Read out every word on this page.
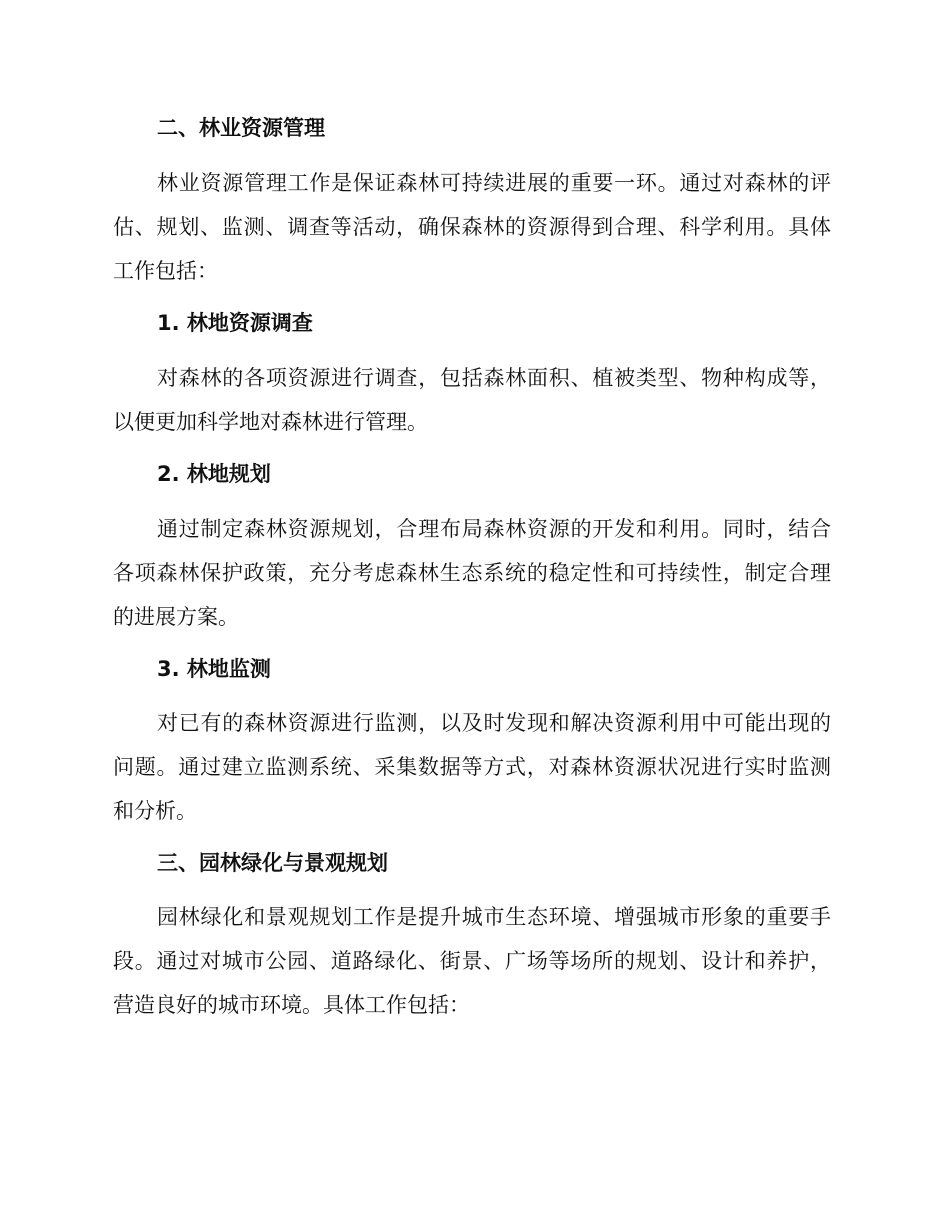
二、林业资源管理
林业资源管理工作是保证森林可持续进展的重要一环。通过对森林的评
估、规划、监测、调查等活动，确保森林的资源得到合理、科学利用。具体
工作包括：
1. 林地资源调查
对森林的各项资源进行调查，包括森林面积、植被类型、物种构成等，
以便更加科学地对森林进行管理。
2. 林地规划
通过制定森林资源规划，合理布局森林资源的开发和利用。同时，结合
各项森林保护政策，充分考虑森林生态系统的稳定性和可持续性，制定合理
的进展方案。
3. 林地监测
对已有的森林资源进行监测，以及时发现和解决资源利用中可能出现的
问题。通过建立监测系统、采集数据等方式，对森林资源状况进行实时监测
和分析。
三、园林绿化与景观规划
园林绿化和景观规划工作是提升城市生态环境、增强城市形象的重要手
段。通过对城市公园、道路绿化、街景、广场等场所的规划、设计和养护，
营造良好的城市环境。具体工作包括：
